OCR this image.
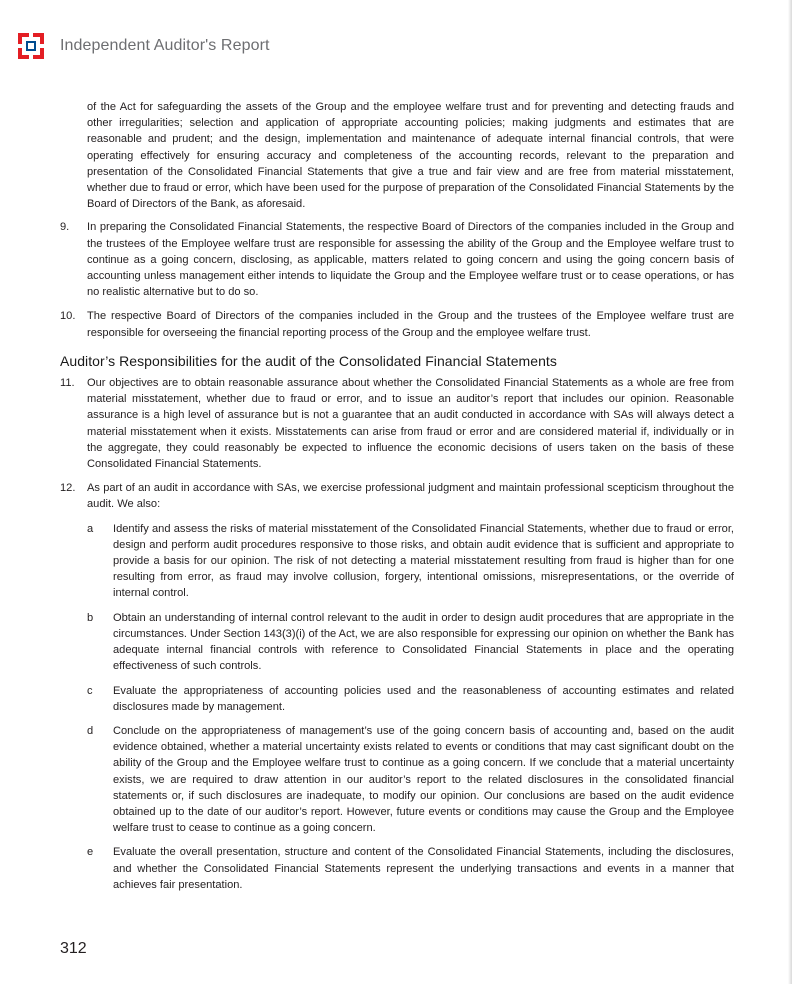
Independent Auditor's Report

of the Act for safeguarding the assets of the Group and the employee welfare trust and for preventing and detecting frauds and other irregularities; selection and application of appropriate accounting policies; making judgments and estimates that are reasonable and prudent; and the design, implementation and maintenance of adequate internal financial controls, that were operating effectively for ensuring accuracy and completeness of the accounting records, relevant to the preparation and presentation of the Consolidated Financial Statements that give a true and fair view and are free from material misstatement, whether due to fraud or error, which have been used for the purpose of preparation of the Consolidated Financial Statements by the Board of Directors of the Bank, as aforesaid.

9. In preparing the Consolidated Financial Statements, the respective Board of Directors of the companies included in the Group and the trustees of the Employee welfare trust are responsible for assessing the ability of the Group and the Employee welfare trust to continue as a going concern, disclosing, as applicable, matters related to going concern and using the going concern basis of accounting unless management either intends to liquidate the Group and the Employee welfare trust or to cease operations, or has no realistic alternative but to do so.
10. The respective Board of Directors of the companies included in the Group and the trustees of the Employee welfare trust are responsible for overseeing the financial reporting process of the Group and the employee welfare trust.
Auditor’s Responsibilities for the audit of the Consolidated Financial Statements
11. Our objectives are to obtain reasonable assurance about whether the Consolidated Financial Statements as a whole are free from material misstatement, whether due to fraud or error, and to issue an auditor’s report that includes our opinion. Reasonable assurance is a high level of assurance but is not a guarantee that an audit conducted in accordance with SAs will always detect a material misstatement when it exists. Misstatements can arise from fraud or error and are considered material if, individually or in the aggregate, they could reasonably be expected to influence the economic decisions of users taken on the basis of these Consolidated Financial Statements.
12. As part of an audit in accordance with SAs, we exercise professional judgment and maintain professional scepticism throughout the audit. We also:
a Identify and assess the risks of material misstatement of the Consolidated Financial Statements, whether due to fraud or error, design and perform audit procedures responsive to those risks, and obtain audit evidence that is sufficient and appropriate to provide a basis for our opinion. The risk of not detecting a material misstatement resulting from fraud is higher than for one resulting from error, as fraud may involve collusion, forgery, intentional omissions, misrepresentations, or the override of internal control.
b Obtain an understanding of internal control relevant to the audit in order to design audit procedures that are appropriate in the circumstances. Under Section 143(3)(i) of the Act, we are also responsible for expressing our opinion on whether the Bank has adequate internal financial controls with reference to Consolidated Financial Statements in place and the operating effectiveness of such controls.
c Evaluate the appropriateness of accounting policies used and the reasonableness of accounting estimates and related disclosures made by management.
d Conclude on the appropriateness of management’s use of the going concern basis of accounting and, based on the audit evidence obtained, whether a material uncertainty exists related to events or conditions that may cast significant doubt on the ability of the Group and the Employee welfare trust to continue as a going concern. If we conclude that a material uncertainty exists, we are required to draw attention in our auditor’s report to the related disclosures in the consolidated financial statements or, if such disclosures are inadequate, to modify our opinion. Our conclusions are based on the audit evidence obtained up to the date of our auditor’s report. However, future events or conditions may cause the Group and the Employee welfare trust to cease to continue as a going concern.
e Evaluate the overall presentation, structure and content of the Consolidated Financial Statements, including the disclosures, and whether the Consolidated Financial Statements represent the underlying transactions and events in a manner that achieves fair presentation.
312
